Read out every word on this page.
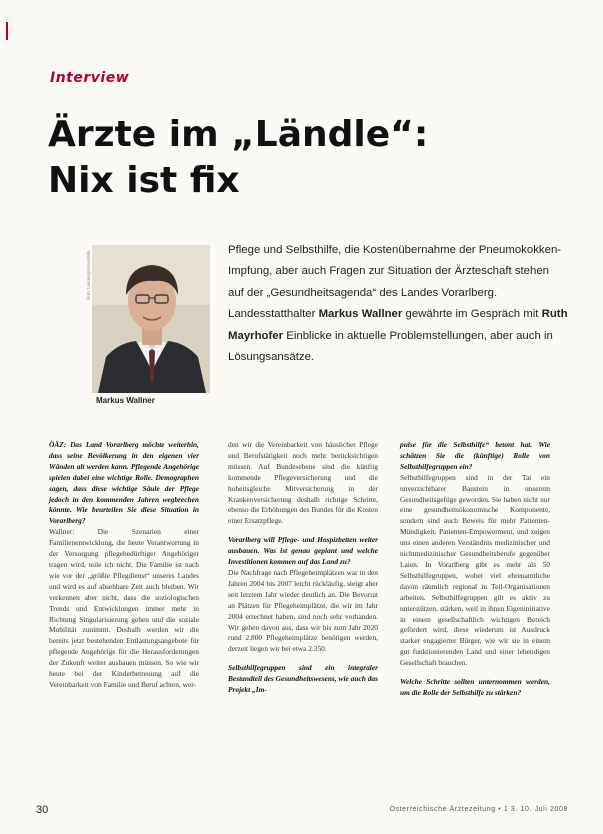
Interview
Ärzte im „Ländle“:
Nix ist fix
Foto: Landespressestelle
Markus Wallner
Pflege und Selbsthilfe, die Kostenübernahme der Pneumokokken-Impfung, aber auch Fragen zur Situation der Ärzteschaft stehen auf der „Gesundheitsagenda“ des Landes Vorarlberg. Landesstatthalter Markus Wallner gewährte im Gespräch mit Ruth Mayrhofer Einblicke in aktuelle Problemstellungen, aber auch in Lösungsansätze.

ÖÄZ: Das Land Vorarlberg möchte weiterhin, dass seine Bevölkerung in den eigenen vier Wänden alt werden kann. Pflegende Angehörige spielen dabei eine wichtige Rolle. Demographen sagen, dass diese wichtige Säule der Pflege jedoch in den kommenden Jahren wegbrechen könnte. Wie beurteilen Sie diese Situation in Vorarlberg?

Wallner: Die Szenarien einer Familienentwicklung, die heute Verantwortung in der Versorgung pflegebedürftiger Angehöriger tragen wird, teile ich nicht. Die Familie ist nach wie vor der „größte Pflegdienst“ unseres Landes und wird es auf absehbare Zeit auch bleiben. Wir verkennen aber nicht, dass die soziologischen Trends und Entwicklungen immer mehr in Richtung Singularisierung gehen und die soziale Mobilität zunimmt. Deshalb werden wir die bereits jetzt bestehenden Entlastungsangebote für pflegende Angehörige für die Herausforderungen der Zukunft weiter ausbauen müssen. So wie wir heute bei der Kinderbetreuung auf die Vereinbarkeit von Familie und Beruf achten, wer-

den wir die Vereinbarkeit von häuslicher Pflege und Berufstätigkeit noch mehr berücksichtigen müssen. Auf Bundesebene sind die künftig kommende Pflegeversicherung und die hoheitsgleiche Mitversicherung in der Krankenversicherung deshalb richtige Schritte, ebenso die Erhöhungen des Bundes für die Kosten einer Ersatzpflege.

Vorarlberg will Pflege- und Hospizbetten weiter ausbauen. Was ist genau geplant und welche Investitionen kommen auf das Land zu?

Die Nachfrage nach Pflegeheimplätzen war in den Jahren 2004 bis 2007 leicht rückläufig, steigt aber seit letztem Jahr wieder deutlich an. Die Bevorrat an Plätzen für Pflegeheimplätze, die wir im Jahr 2004 errechnet haben, sind noch sehr vorhanden. Wir gehen davon aus, dass wir bis zum Jahr 2020 rund 2.800 Pflegeheimplätze benötigen werden, derzeit liegen wir bei etwa 2.350.

Selbsthilfegruppen sind ein integraler Bestandteil des Gesundheitswesens, wie auch das Projekt „Im-

pulse für die Selbsthilfe“ betont hat. Wie schätzen Sie die (künftige) Rolle von Selbsthilfegruppen ein?

Selbsthilfegruppen sind in der Tat ein unverzichtbarer Baustein in unserem Gesundheitsgefüge geworden. Sie haben nicht nur eine gesundheitsökonomische Komponente, sondern sind auch Beweis für mehr Patienten-Mündigkeit, Patienten-Empowerment, und zeigen uns einen anderen Verständnis medizinischer und nichtmedizinischer Gesundheitsberufe gegenüber Laien. In Vorarlberg gibt es mehr als 50 Selbsthilfegruppen, wobei viel ehrenamtliche davon räumlich regional in Teil-Organisationen arbeiten. Selbsthilfegruppen gilt es aktiv zu unterstützen, stärken, weil in ihnen Eigeninitiative in einem gesellschaftlich wichtigen Bereich gefördert wird, diese wiederum ist Ausdruck starker engagierter Bürger, wie wir sie in einem gut funktionierenden Land und einer lebendigen Gesellschaft brauchen.

Welche Schritte sollten unternommen werden, um die Rolle der Selbsthilfe zu stärken?

30	Österreichische Ärztezeitung • 1 3. 10. Juli 2008
